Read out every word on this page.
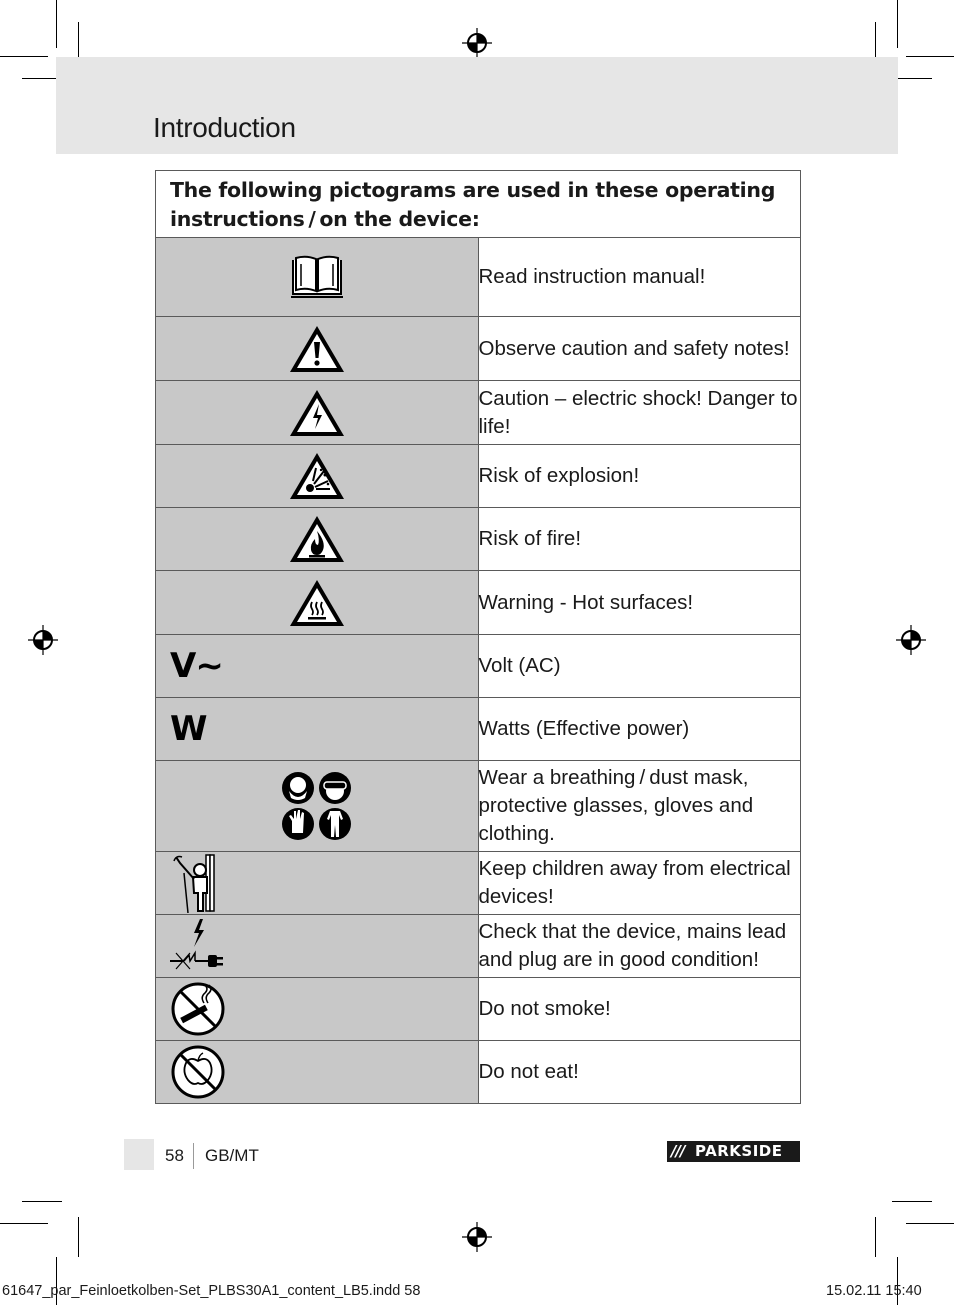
Introduction
The following pictograms are used in these operating instructions / on the device:	

	Read instruction manual!

	Observe caution and safety notes!

	Caution – electric shock! Danger to life!

	Risk of explosion!

	Risk of fire!

	Warning - Hot surfaces!

V~	Volt (AC)

W	Watts (Effective power)

	Wear a breathing / dust mask, protective glasses, gloves and clothing.

	Keep children away from electrical devices!

	Check that the device, mains lead and plug are in good condition!

	Do not smoke!

	Do not eat!
58 GB/MT	/// PARKSIDE
61647_par_Feinloetkolben-Set_PLBS30A1_content_LB5.indd 58	15.02.11 15:40
